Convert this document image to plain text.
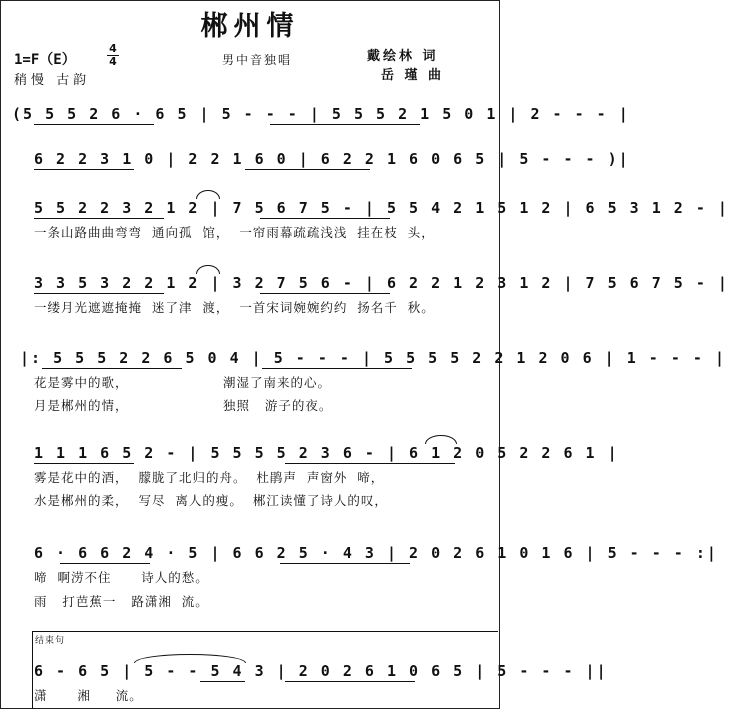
郴州情
1=F（E）
4
4
稍慢 古韵
男中音独唱	戴绘林 词
岳 瑾 曲
(5 5 5 2 6 · 6 5 | 5 - - - | 5 5 5 2 1 5 0 1 | 2 - - - |
6 2 2 3 1 0 | 2 2 1 6 0 | 6 2 2 1 6 0 6 5 | 5 - - - )|
5 5 2 2 3 2 1 2 | 7 5 6 7 5 - | 5 5 4 2 1 5 1 2 | 6 5 3 1 2 - |
一条山路曲曲弯弯  通向孤  馆，  一帘雨幕疏疏浅浅  挂在枝  头，
3 3 5 3 2 2 1 2 | 3 2 7 5 6 - | 6 2 2 1 2 3 1 2 | 7 5 6 7 5 - |
一缕月光遮遮掩掩  迷了津  渡，  一首宋词婉婉约约  扬名千  秋。
|: 5 5 5 2 2 6 5 0 4 | 5 - - - | 5 5 5 5 2 2 1 2 0 6 | 1 - - - |
花是雾中的歌，                   潮湿了南来的心。
月是郴州的情，                   独照   游子的夜。
1 1 1 6 5 2 - | 5 5 5 5 2 3 6 - | 6 1 2 0 5 2 2 6 1 |
雾是花中的酒，  朦胧了北归的舟。  杜鹃声  声窗外  啼，
水是郴州的柔，  写尽  离人的瘦。  郴江读懂了诗人的叹，
6 · 6 6 2 4 · 5 | 6 6 2 5 · 4 3 | 2 0 2 6 1 0 1 6 | 5 - - - :|
啼  啊涝不住      诗人的愁。
雨   打芭蕉一   路潇湘  流。
结束句
6 - 6 5 | 5 - - 5 4 3 | 2 0 2 6 1 0 6 5 | 5 - - - ||
潇      湘     流。
